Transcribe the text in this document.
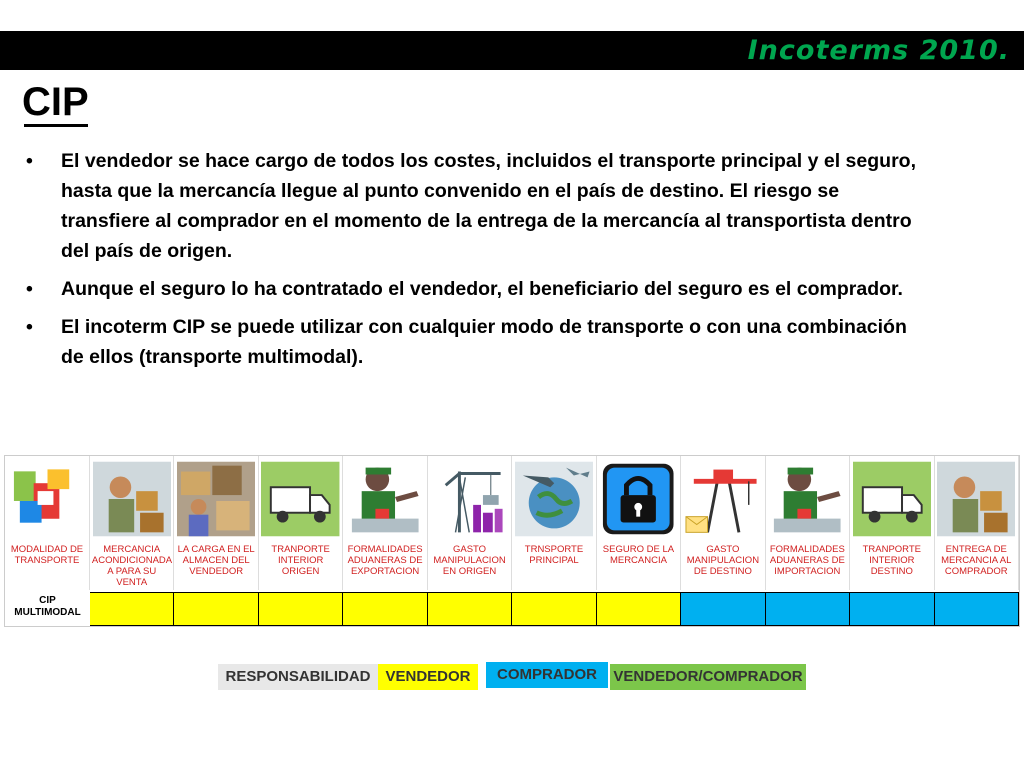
Incoterms 2010.
CIP
• El vendedor se hace cargo de todos los costes, incluidos el transporte principal y el seguro, hasta que la mercancía llegue al punto convenido en el país de destino. El riesgo se transfiere al comprador en el momento de la entrega de la mercancía al transportista dentro del país de origen.
• Aunque el seguro lo ha contratado el vendedor, el beneficiario del seguro es el comprador.
• El incoterm CIP se puede utilizar con cualquier modo de transporte o con una combinación de ellos (transporte multimodal).
CIP MULTIMODAL
MODALIDAD DE TRANSPORTE
MERCANCIA ACONDICIONADA A PARA SU VENTA
LA CARGA EN EL ALMACEN DEL VENDEDOR
TRANPORTE INTERIOR ORIGEN
FORMALIDADES ADUANERAS DE EXPORTACION
GASTO MANIPULACION EN ORIGEN
TRNSPORTE PRINCIPAL
SEGURO DE LA MERCANCIA
GASTO MANIPULACION DE DESTINO
FORMALIDADES ADUANERAS DE IMPORTACION
TRANPORTE INTERIOR DESTINO
ENTREGA DE MERCANCIA AL COMPRADOR
RESPONSABILIDAD VENDEDOR	COMPRADOR	VENDEDOR/COMPRADOR
